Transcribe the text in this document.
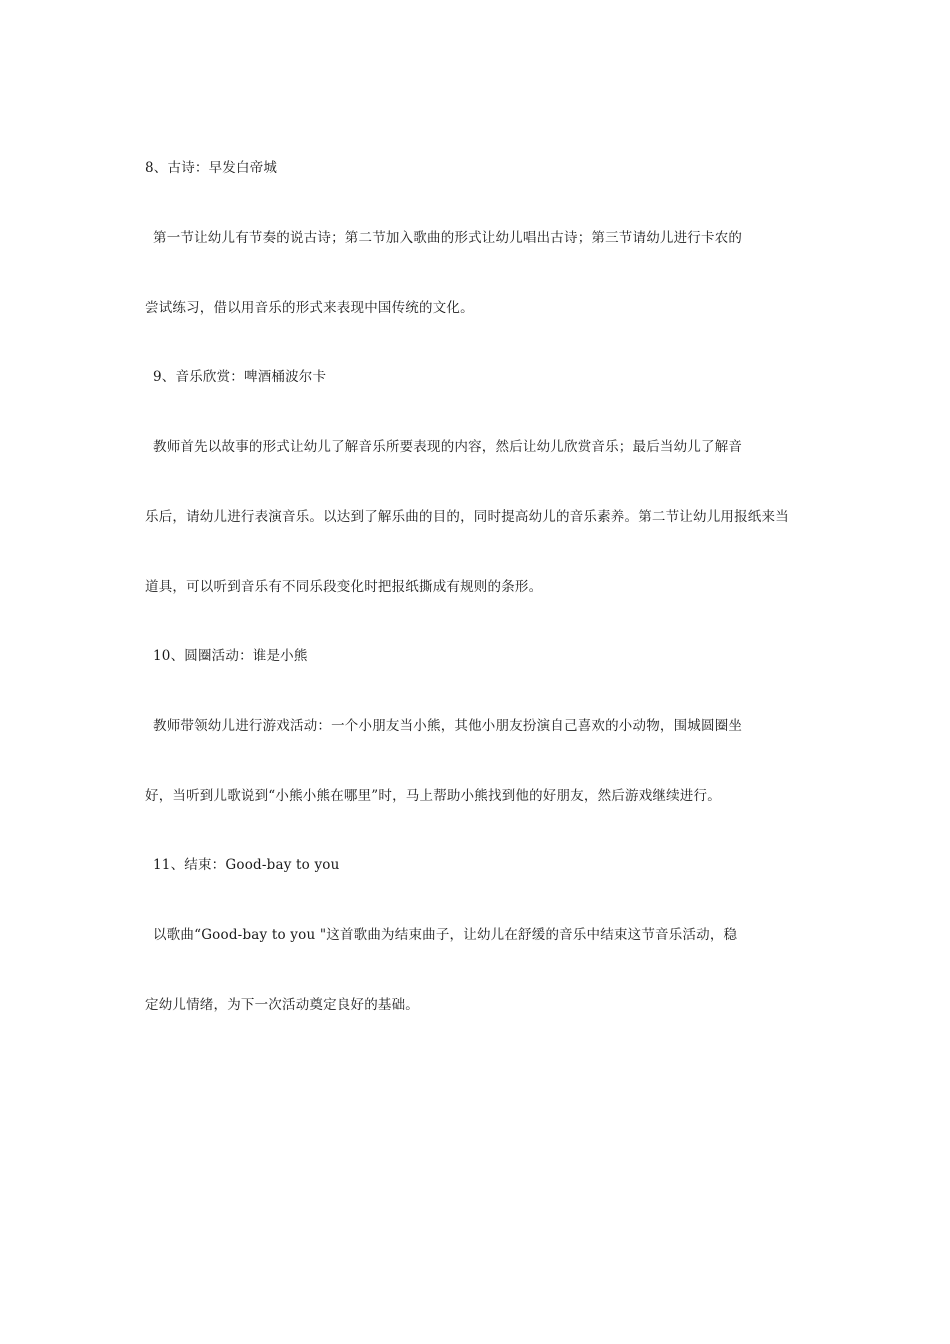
8、古诗：早发白帝城
第一节让幼儿有节奏的说古诗；第二节加入歌曲的形式让幼儿唱出古诗；第三节请幼儿进行卡农的
尝试练习，借以用音乐的形式来表现中国传统的文化。
9、音乐欣赏：啤酒桶波尔卡
教师首先以故事的形式让幼儿了解音乐所要表现的内容，然后让幼儿欣赏音乐；最后当幼儿了解音
乐后，请幼儿进行表演音乐。以达到了解乐曲的目的，同时提高幼儿的音乐素养。第二节让幼儿用报纸来当
道具，可以听到音乐有不同乐段变化时把报纸撕成有规则的条形。
10、圆圈活动：谁是小熊
教师带领幼儿进行游戏活动：一个小朋友当小熊，其他小朋友扮演自己喜欢的小动物，围城圆圈坐
好，当听到儿歌说到“小熊小熊在哪里”时，马上帮助小熊找到他的好朋友，然后游戏继续进行。
11、结束：Good-bay to you
以歌曲“Good-bay to you "这首歌曲为结束曲子，让幼儿在舒缓的音乐中结束这节音乐活动，稳
定幼儿情绪，为下一次活动奠定良好的基础。
